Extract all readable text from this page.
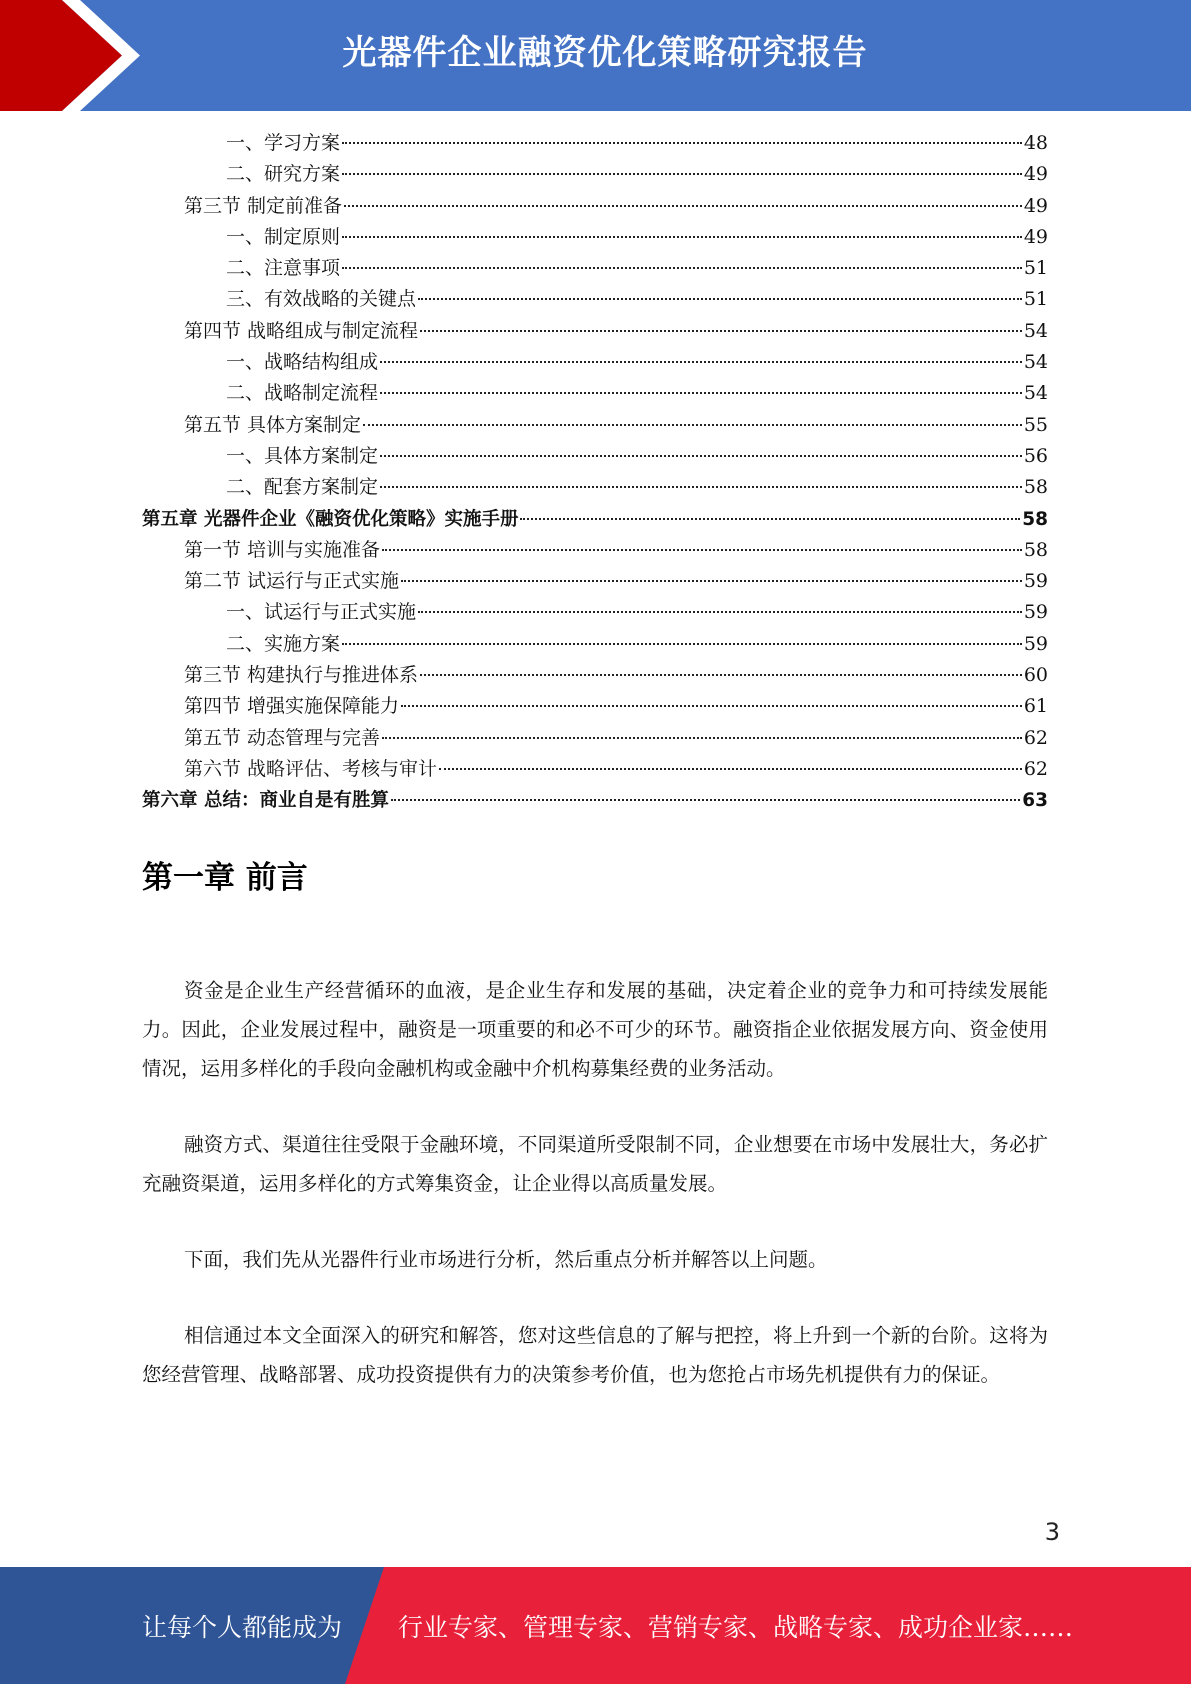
光器件企业融资优化策略研究报告
一、学习方案	48
二、研究方案	49
第三节 制定前准备	49
一、制定原则	49
二、注意事项	51
三、有效战略的关键点	51
第四节 战略组成与制定流程	54
一、战略结构组成	54
二、战略制定流程	54
第五节 具体方案制定	55
一、具体方案制定	56
二、配套方案制定	58
第五章 光器件企业《融资优化策略》实施手册	58
第一节 培训与实施准备	58
第二节 试运行与正式实施	59
一、试运行与正式实施	59
二、实施方案	59
第三节 构建执行与推进体系	60
第四节 增强实施保障能力	61
第五节 动态管理与完善	62
第六节 战略评估、考核与审计	62
第六章 总结：商业自是有胜算	63
第一章 前言

资金是企业生产经营循环的血液，是企业生存和发展的基础，决定着企业的竞争力和可持续发展能力。因此，企业发展过程中，融资是一项重要的和必不可少的环节。融资指企业依据发展方向、资金使用情况，运用多样化的手段向金融机构或金融中介机构募集经费的业务活动。

融资方式、渠道往往受限于金融环境，不同渠道所受限制不同，企业想要在市场中发展壮大，务必扩充融资渠道，运用多样化的方式筹集资金，让企业得以高质量发展。

下面，我们先从光器件行业市场进行分析，然后重点分析并解答以上问题。

相信通过本文全面深入的研究和解答，您对这些信息的了解与把控，将上升到一个新的台阶。这将为您经营管理、战略部署、成功投资提供有力的决策参考价值，也为您抢占市场先机提供有力的保证。

3
让每个人都能成为 行业专家、管理专家、营销专家、战略专家、成功企业家……
